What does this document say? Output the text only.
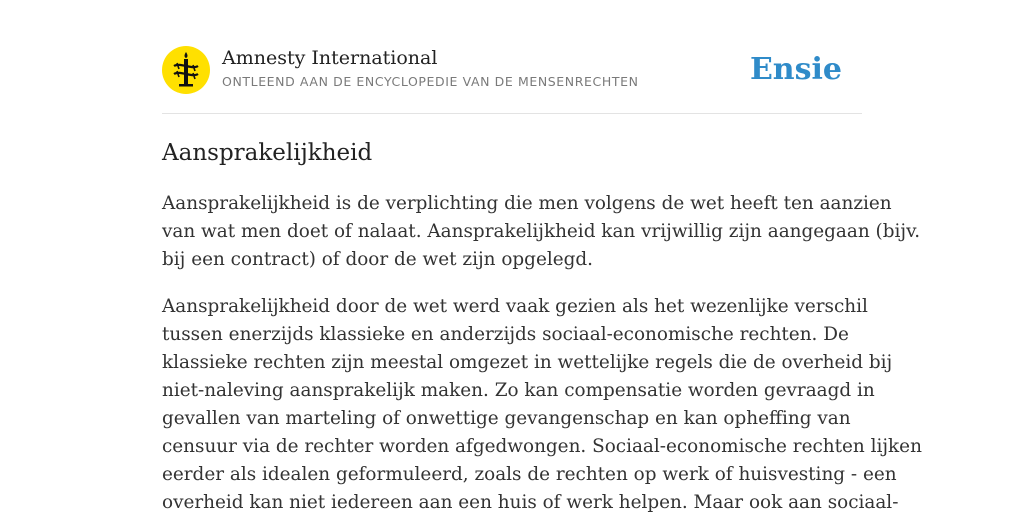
Amnesty International
ONTLEEND AAN DE ENCYCLOPEDIE VAN DE MENSENRECHTEN	Ensie
Aansprakelijkheid

Aansprakelijkheid is de verplichting die men volgens de wet heeft ten aanzien
van wat men doet of nalaat. Aansprakelijkheid kan vrijwillig zijn aangegaan (bijv.
bij een contract) of door de wet zijn opgelegd.

Aansprakelijkheid door de wet werd vaak gezien als het wezenlijke verschil
tussen enerzijds klassieke en anderzijds sociaal-economische rechten. De
klassieke rechten zijn meestal omgezet in wettelijke regels die de overheid bij
niet-naleving aansprakelijk maken. Zo kan compensatie worden gevraagd in
gevallen van marteling of onwettige gevangenschap en kan opheffing van
censuur via de rechter worden afgedwongen. Sociaal-economische rechten lijken
eerder als idealen geformuleerd, zoals de rechten op werk of huisvesting - een
overheid kan niet iedereen aan een huis of werk helpen. Maar ook aan sociaal-
